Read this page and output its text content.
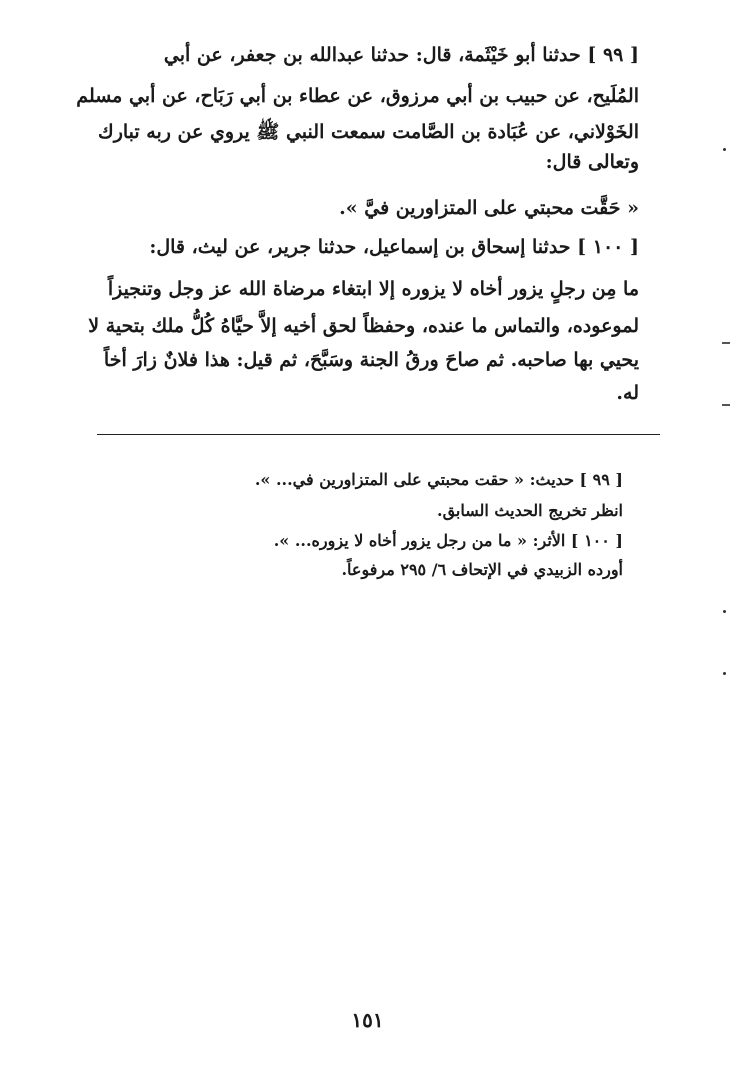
[ ٩٩ ] حدثنا أبو خَيْثَمة، قال: حدثنا عبدالله بن جعفر، عن أبي
المُلَيح، عن حبيب بن أبي مرزوق، عن عطاء بن أبي رَبَاح، عن أبي مسلم
الخَوْلاني، عن عُبَادة بن الصَّامت سمعت النبي ﷺ يروي عن ربه تبارك
وتعالى قال:
« حَقَّت محبتي على المتزاورين فيَّ ».
[ ١٠٠ ] حدثنا إسحاق بن إسماعيل، حدثنا جرير، عن ليث، قال:
ما مِن رجلٍ يزور أخاه لا يزوره إلا ابتغاء مرضاة الله عز وجل وتنجيزاً
لموعوده، والتماس ما عنده، وحفظاً لحق أخيه إلاَّ حيَّاهُ كُلُّ ملك بتحية لا
يحيي بها صاحبه. ثم صاحَ ورقُ الجنة وسَبَّحَ، ثم قيل: هذا فلانٌ زارَ أخاً
له.
[ ٩٩ ] حديث: « حقت محبتي على المتزاورين في... ».
انظر تخريج الحديث السابق.
[ ١٠٠ ] الأثر: « ما من رجل يزور أخاه لا يزوره... ».
أورده الزبيدي في الإتحاف ٦/ ٢٩٥ مرفوعاً.
١٥١
